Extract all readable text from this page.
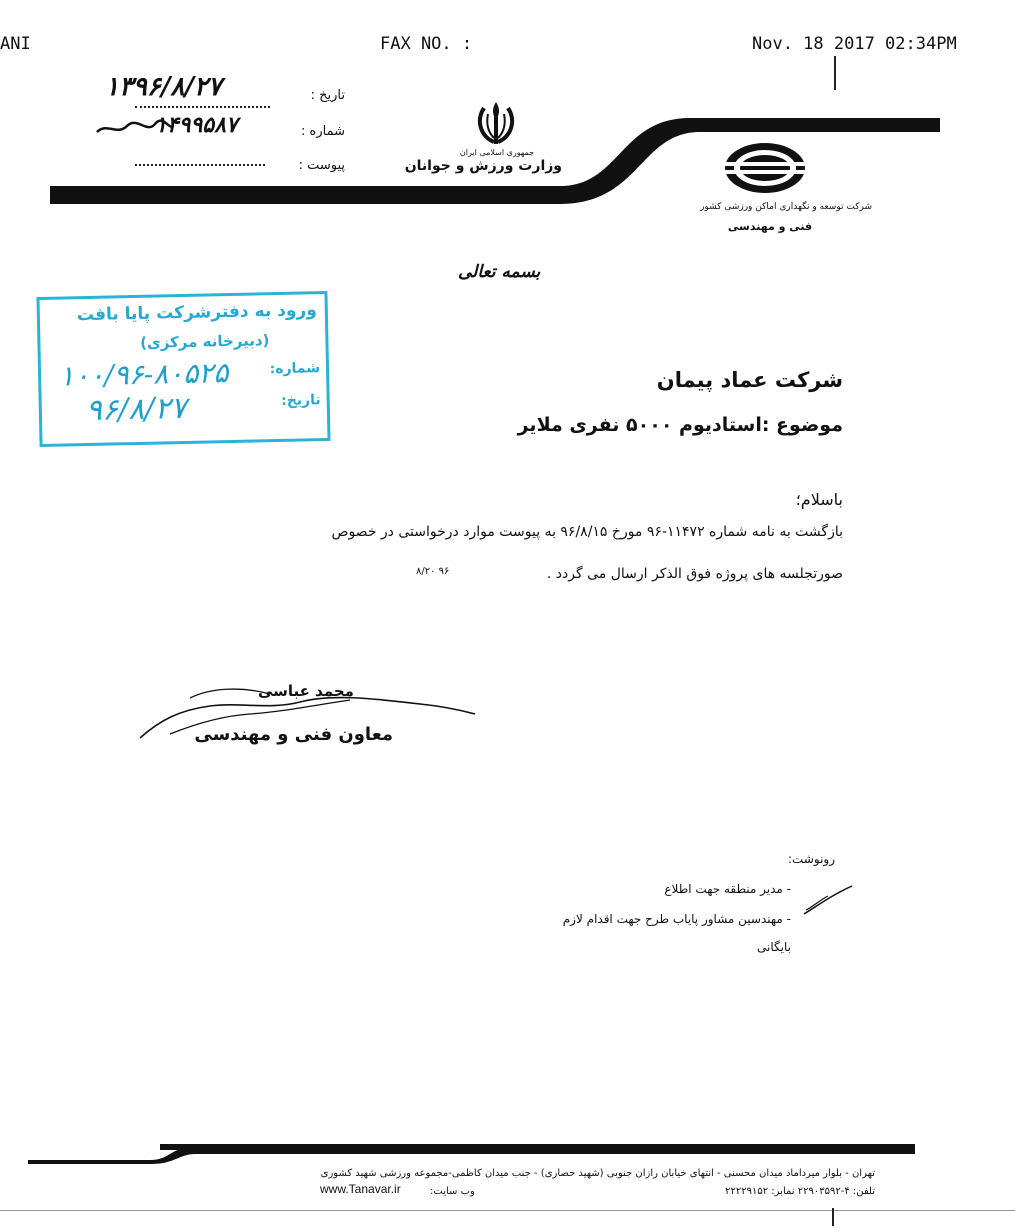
ANI	FAX NO. :	Nov. 18 2017 02:34PM
تاریخ :
۱۳۹۶/۸/۲۷
شماره :
۱۴۹۹۵۸۷
پیوست :
جمهوری اسلامی ایران
وزارت ورزش و جوانان
شرکت توسعه و نگهداری اماکن ورزشی کشور
فنی و مهندسی
بسمه تعالی
ورود به دفترشرکت پایا بافت
(دبیرخانه مرکزی)
شماره:
۱۰۰/۹۶-۸۰۵۲۵
تاریخ:
۹۶/۸/۲۷
شرکت عماد پیمان
موضوع :استادیوم ۵۰۰۰ نفری ملایر
باسلام؛
بازگشت به نامه شماره ۱۱۴۷۲-۹۶ مورخ ۹۶/۸/۱۵ به پیوست موارد درخواستی در خصوص
صورتجلسه های پروژه فوق الذکر ارسال می گردد .
۹۶ ۸/۲۰
محمد عباسی
معاون فنی و مهندسی
رونوشت:
- مدیر منطقه جهت اطلاع
- مهندسین مشاور پایاب طرح جهت اقدام لازم
بایگانی
تهران - بلوار میرداماد میدان محسنی - انتهای خیابان رازان جنوبی (شهید حصاری) - جنب میدان کاظمی-مجموعه ورزشی شهید کشوری
تلفن: ۴-۲۲۹۰۳۵۹۲ نمابر: ۲۲۲۲۹۱۵۲
وب سایت:
www.Tanavar.ir
